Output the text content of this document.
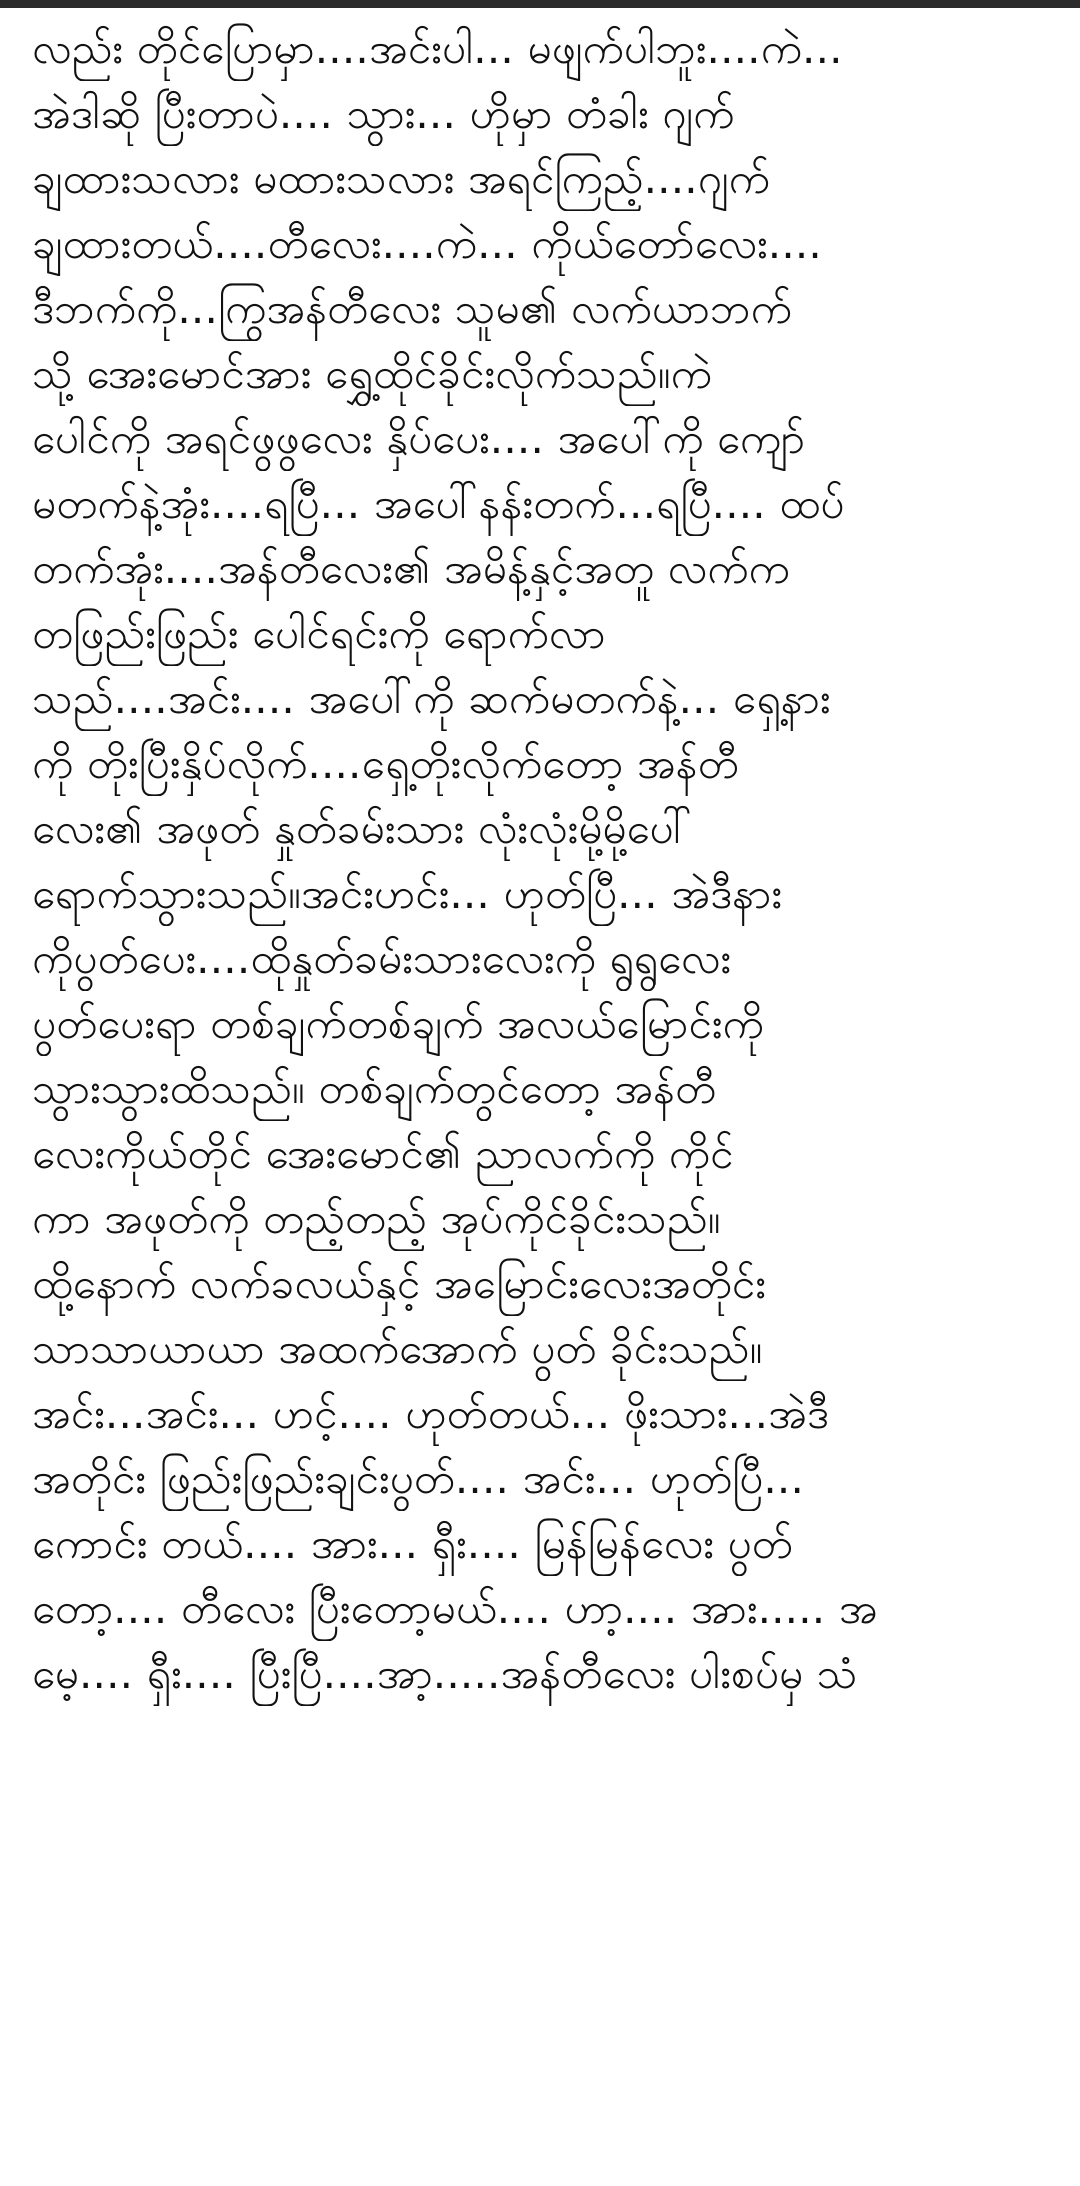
လည်း တိုင်ပြောမှာ....အင်းပါ... မဖျက်ပါဘူး....ကဲ...
အဲဒါဆို ပြီးတာပဲ.... သွား... ဟိုမှာ တံခါး ဂျက်
ချထားသလား မထားသလား အရင်ကြည့်....ဂျက်
ချထားတယ်....တီလေး....ကဲ... ကိုယ်တော်လေး....
ဒီဘက်ကို...ကြွအန်တီလေး သူမ၏ လက်ယာဘက်
သို့ အေးမောင်အား ရွှေ့ထိုင်ခိုင်းလိုက်သည်။ကဲ
ပေါင်ကို အရင်ဖွဖွလေး နှိပ်ပေး.... အပေါ်ကို ကျော်
မတက်နဲ့အုံး....ရပြီ... အပေါ်နန်းတက်...ရပြီ.... ထပ်
တက်အုံး....အန်တီလေး၏ အမိန့်နှင့်အတူ လက်က
တဖြည်းဖြည်း ပေါင်ရင်းကို ရောက်လာ
သည်....အင်း.... အပေါ်ကို ဆက်မတက်နဲ့... ရှေ့နား
ကို တိုးပြီးနှိပ်လိုက်....ရှေ့တိုးလိုက်တော့ အန်တီ
လေး၏ အဖုတ် နှုတ်ခမ်းသား လုံးလုံးမို့မို့ပေါ်
ရောက်သွားသည်။အင်းဟင်း... ဟုတ်ပြီ... အဲဒီနား
ကိုပွတ်ပေး....ထိုနှုတ်ခမ်းသားလေးကို ရွရွလေး
ပွတ်ပေးရာ တစ်ချက်တစ်ချက် အလယ်မြောင်းကို
သွားသွားထိသည်။ တစ်ချက်တွင်တော့ အန်တီ
လေးကိုယ်တိုင် အေးမောင်၏ ညာလက်ကို ကိုင်
ကာ အဖုတ်ကို တည့်တည့် အုပ်ကိုင်ခိုင်းသည်။
ထို့နောက် လက်ခလယ်နှင့် အမြောင်းလေးအတိုင်း
သာသာယာယာ အထက်အောက် ပွတ် ခိုင်းသည်။
အင်း...အင်း... ဟင့်.... ဟုတ်တယ်... ဖိုးသား...အဲဒီ
အတိုင်း ဖြည်းဖြည်းချင်းပွတ်.... အင်း... ဟုတ်ပြီ...
ကောင်း တယ်.... အား... ရှီး.... မြန်မြန်လေး ပွတ်
တော့.... တီလေး ပြီးတော့မယ်.... ဟာ့.... အား..... အ
မေ့.... ရှီး.... ပြီးပြီ....အာ့.....အန်တီလေး ပါးစပ်မှ သံ
